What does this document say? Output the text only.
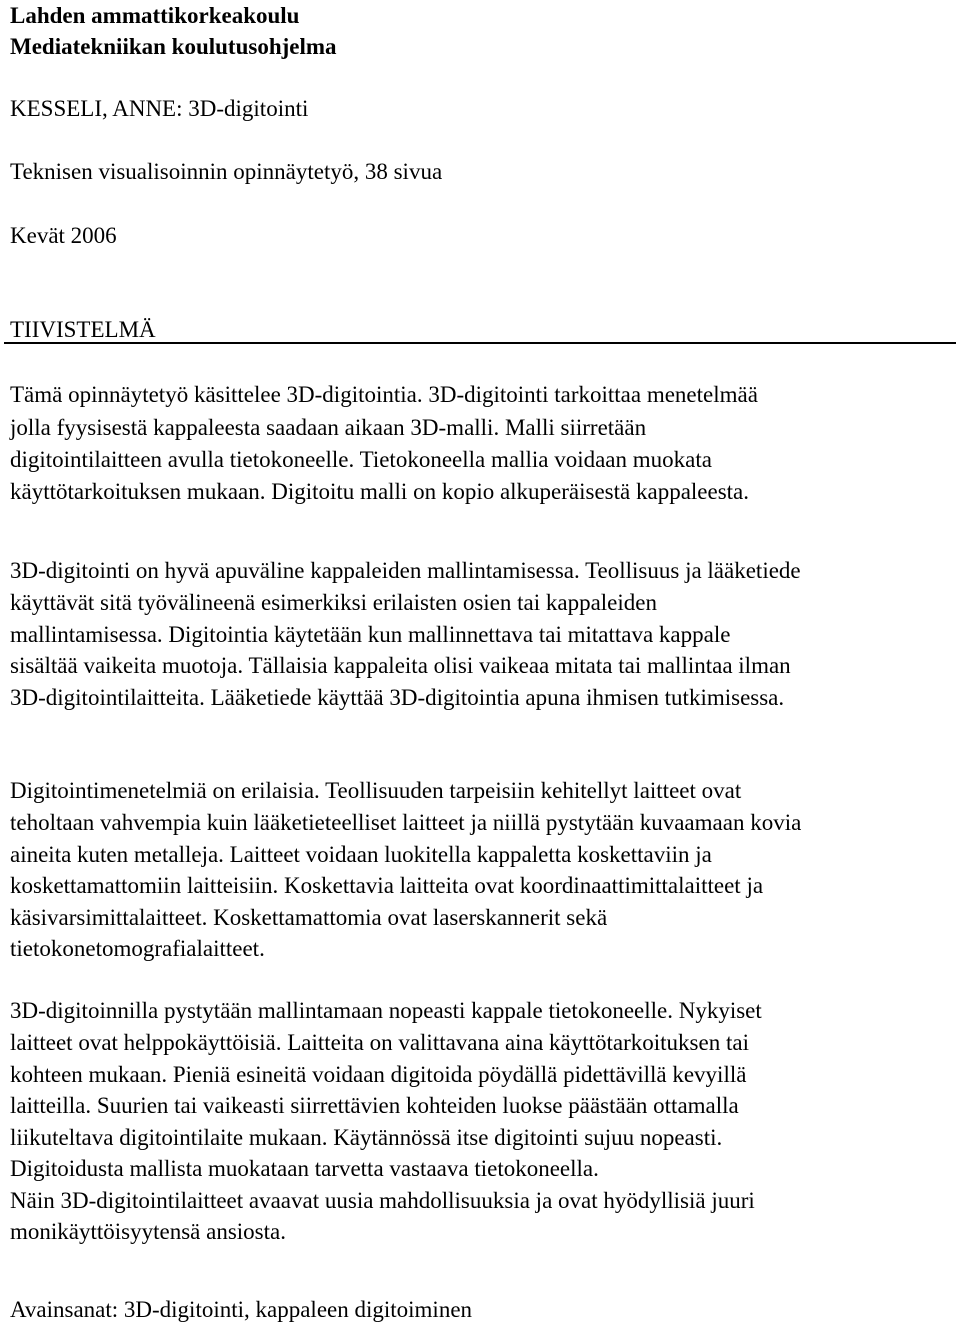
Lahden ammattikorkeakoulu
Mediatekniikan koulutusohjelma
KESSELI, ANNE: 3D-digitointi
Teknisen visualisoinnin opinnäytetyö, 38 sivua
Kevät 2006
TIIVISTELMÄ
Tämä opinnäytetyö käsittelee 3D-digitointia. 3D-digitointi tarkoittaa menetelmää
jolla fyysisestä kappaleesta saadaan aikaan 3D-malli. Malli siirretään
digitointilaitteen avulla tietokoneelle. Tietokoneella mallia voidaan muokata
käyttötarkoituksen mukaan. Digitoitu malli on kopio alkuperäisestä kappaleesta.
3D-digitointi on hyvä apuväline kappaleiden mallintamisessa. Teollisuus ja lääketiede
käyttävät sitä työvälineenä esimerkiksi erilaisten osien tai kappaleiden
mallintamisessa. Digitointia käytetään kun mallinnettava tai mitattava kappale
sisältää vaikeita muotoja. Tällaisia kappaleita olisi vaikeaa mitata tai mallintaa ilman
3D-digitointilaitteita. Lääketiede käyttää 3D-digitointia apuna ihmisen tutkimisessa.
Digitointimenetelmiä on erilaisia. Teollisuuden tarpeisiin kehitellyt laitteet ovat
teholtaan vahvempia kuin lääketieteelliset laitteet ja niillä pystytään kuvaamaan kovia
aineita kuten metalleja. Laitteet voidaan luokitella kappaletta koskettaviin ja
koskettamattomiin laitteisiin. Koskettavia laitteita ovat koordinaattimittalaitteet ja
käsivarsimittalaitteet. Koskettamattomia ovat laserskannerit sekä
tietokonetomografialaitteet.
3D-digitoinnilla pystytään mallintamaan nopeasti kappale tietokoneelle. Nykyiset
laitteet ovat helppokäyttöisiä. Laitteita on valittavana aina käyttötarkoituksen tai
kohteen mukaan. Pieniä esineitä voidaan digitoida pöydällä pidettävillä kevyillä
laitteilla. Suurien tai vaikeasti siirrettävien kohteiden luokse päästään ottamalla
liikuteltava digitointilaite mukaan. Käytännössä itse digitointi sujuu nopeasti.
Digitoidusta mallista muokataan tarvetta vastaava tietokoneella.
Näin 3D-digitointilaitteet avaavat uusia mahdollisuuksia ja ovat hyödyllisiä juuri
monikäyttöisyytensä ansiosta.
Avainsanat: 3D-digitointi, kappaleen digitoiminen
